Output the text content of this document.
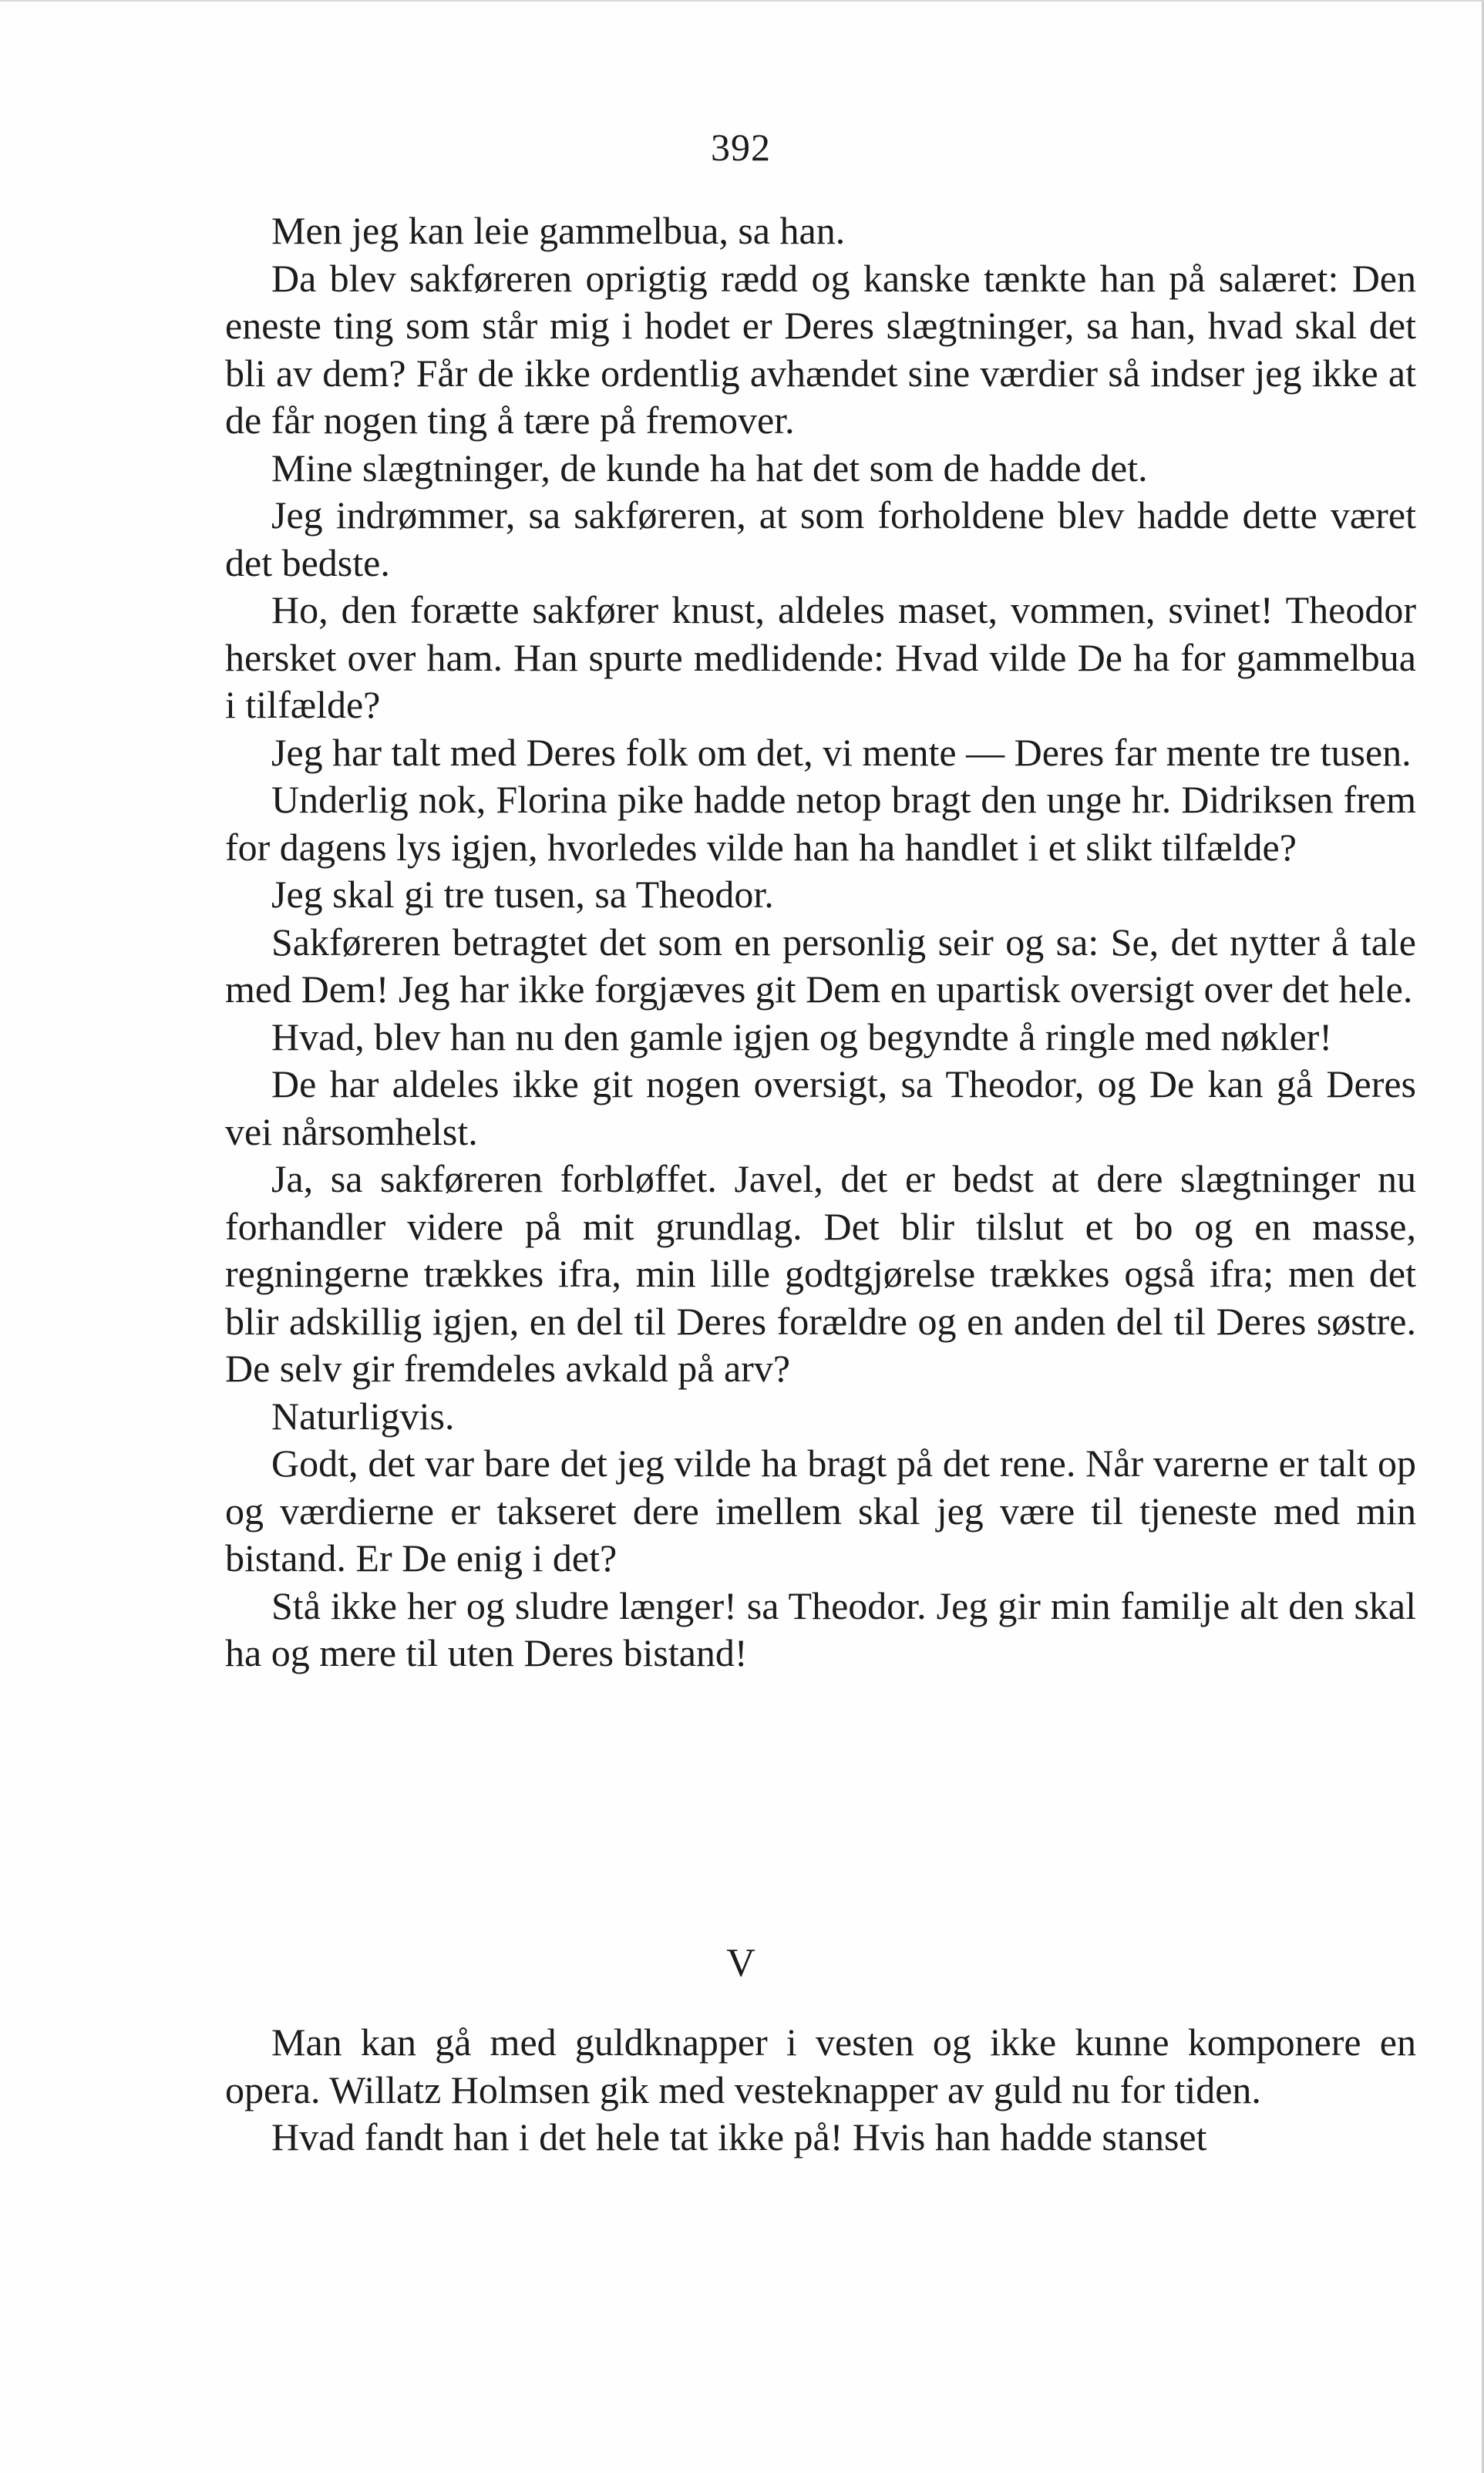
392

Men jeg kan leie gammelbua, sa han.

Da blev sakføreren oprigtig rædd og kanske tænkte han på salæret: Den eneste ting som står mig i hodet er Deres slægtninger, sa han, hvad skal det bli av dem? Får de ikke ordentlig avhændet sine værdier så indser jeg ikke at de får nogen ting å tære på fremover.

Mine slægtninger, de kunde ha hat det som de hadde det.

Jeg indrømmer, sa sakføreren, at som forholdene blev hadde dette været det bedste.

Ho, den forætte sakfører knust, aldeles maset, vommen, svinet! Theodor hersket over ham. Han spurte medlidende: Hvad vilde De ha for gammelbua i tilfælde?

Jeg har talt med Deres folk om det, vi mente — Deres far mente tre tusen.

Underlig nok, Florina pike hadde netop bragt den unge hr. Didriksen frem for dagens lys igjen, hvorledes vilde han ha handlet i et slikt tilfælde?

Jeg skal gi tre tusen, sa Theodor.

Sakføreren betragtet det som en personlig seir og sa: Se, det nytter å tale med Dem! Jeg har ikke forgjæves git Dem en upartisk oversigt over det hele.

Hvad, blev han nu den gamle igjen og begyndte å ringle med nøkler!

De har aldeles ikke git nogen oversigt, sa Theodor, og De kan gå Deres vei nårsomhelst.

Ja, sa sakføreren forbløffet. Javel, det er bedst at dere slægtninger nu forhandler videre på mit grundlag. Det blir tilslut et bo og en masse, regningerne trækkes ifra, min lille godtgjørelse trækkes også ifra; men det blir adskillig igjen, en del til Deres forældre og en anden del til Deres søstre. De selv gir fremdeles avkald på arv?

Naturligvis.

Godt, det var bare det jeg vilde ha bragt på det rene. Når varerne er talt op og værdierne er takseret dere imellem skal jeg være til tjeneste med min bistand. Er De enig i det?

Stå ikke her og sludre længer! sa Theodor. Jeg gir min familje alt den skal ha og mere til uten Deres bistand!

V

Man kan gå med guldknapper i vesten og ikke kunne komponere en opera. Willatz Holmsen gik med vesteknapper av guld nu for tiden.

Hvad fandt han i det hele tat ikke på! Hvis han hadde stanset
